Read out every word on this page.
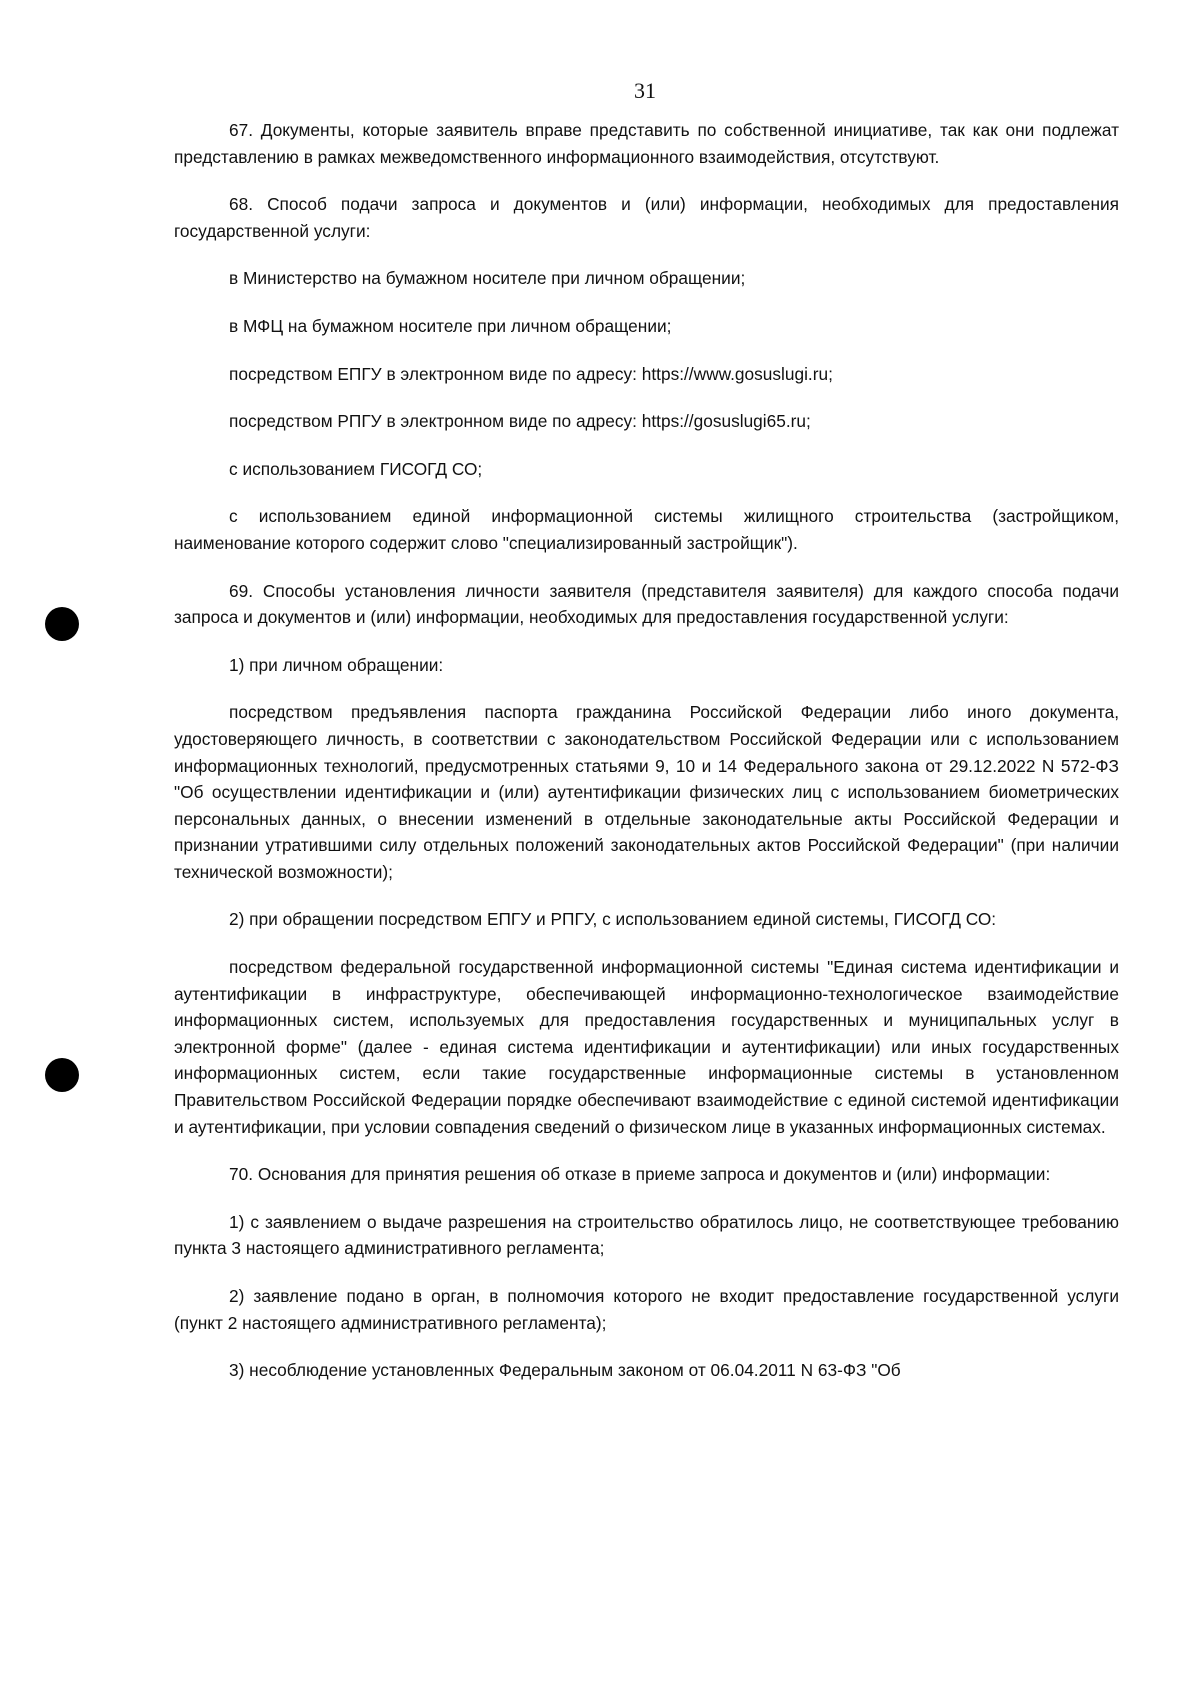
31

67. Документы, которые заявитель вправе представить по собственной инициативе, так как они подлежат представлению в рамках межведомственного информационного взаимодействия, отсутствуют.

68. Способ подачи запроса и документов и (или) информации, необходимых для предоставления государственной услуги:

в Министерство на бумажном носителе при личном обращении;

в МФЦ на бумажном носителе при личном обращении;

посредством ЕПГУ в электронном виде по адресу: https://www.gosuslugi.ru;

посредством РПГУ в электронном виде по адресу: https://gosuslugi65.ru;

с использованием ГИСОГД СО;

с использованием единой информационной системы жилищного строительства (застройщиком, наименование которого содержит слово "специализированный застройщик").

69. Способы установления личности заявителя (представителя заявителя) для каждого способа подачи запроса и документов и (или) информации, необходимых для предоставления государственной услуги:

1) при личном обращении:

посредством предъявления паспорта гражданина Российской Федерации либо иного документа, удостоверяющего личность, в соответствии с законодательством Российской Федерации или с использованием информационных технологий, предусмотренных статьями 9, 10 и 14 Федерального закона от 29.12.2022 N 572-ФЗ "Об осуществлении идентификации и (или) аутентификации физических лиц с использованием биометрических персональных данных, о внесении изменений в отдельные законодательные акты Российской Федерации и признании утратившими силу отдельных положений законодательных актов Российской Федерации" (при наличии технической возможности);

2) при обращении посредством ЕПГУ и РПГУ, с использованием единой системы, ГИСОГД СО:

посредством федеральной государственной информационной системы "Единая система идентификации и аутентификации в инфраструктуре, обеспечивающей информационно-технологическое взаимодействие информационных систем, используемых для предоставления государственных и муниципальных услуг в электронной форме" (далее - единая система идентификации и аутентификации) или иных государственных информационных систем, если такие государственные информационные системы в установленном Правительством Российской Федерации порядке обеспечивают взаимодействие с единой системой идентификации и аутентификации, при условии совпадения сведений о физическом лице в указанных информационных системах.

70. Основания для принятия решения об отказе в приеме запроса и документов и (или) информации:

1) с заявлением о выдаче разрешения на строительство обратилось лицо, не соответствующее требованию пункта 3 настоящего административного регламента;

2) заявление подано в орган, в полномочия которого не входит предоставление государственной услуги (пункт 2 настоящего административного регламента);

3) несоблюдение установленных Федеральным законом от 06.04.2011 N 63-ФЗ "Об
